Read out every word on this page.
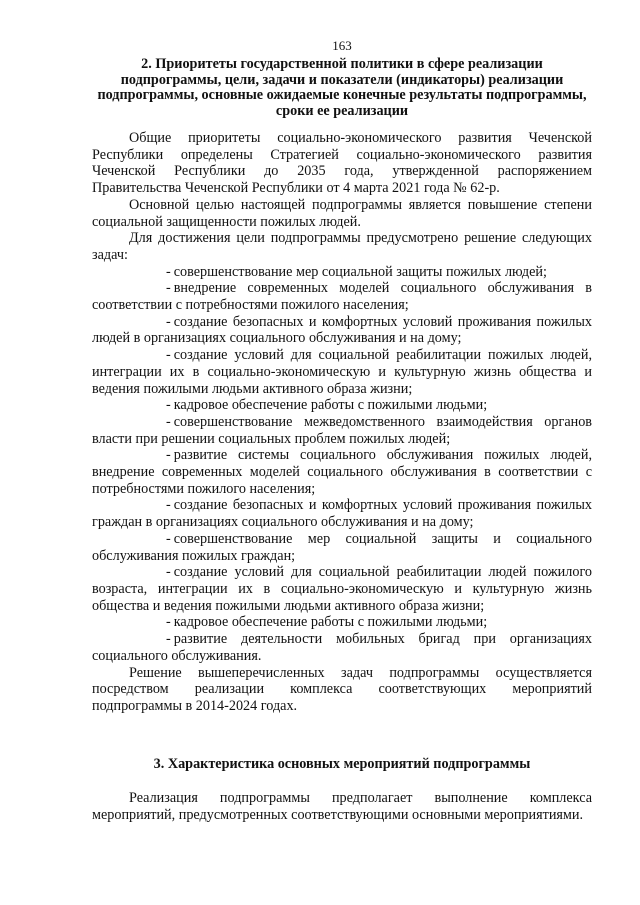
163
2. Приоритеты государственной политики в сфере реализации подпрограммы, цели, задачи и показатели (индикаторы) реализации подпрограммы, основные ожидаемые конечные результаты подпрограммы, сроки ее реализации

Общие приоритеты социально-экономического развития Чеченской Республики определены Стратегией социально-экономического развития Чеченской Республики до 2035 года, утвержденной распоряжением Правительства Чеченской Республики от 4 марта 2021 года № 62-р.

Основной целью настоящей подпрограммы является повышение степени социальной защищенности пожилых людей.

Для достижения цели подпрограммы предусмотрено решение следующих задач:

- совершенствование мер социальной защиты пожилых людей;

- внедрение современных моделей социального обслуживания в соответствии с потребностями пожилого населения;

- создание безопасных и комфортных условий проживания пожилых людей в организациях социального обслуживания и на дому;

- создание условий для социальной реабилитации пожилых людей, интеграции их в социально-экономическую и культурную жизнь общества и ведения пожилыми людьми активного образа жизни;

- кадровое обеспечение работы с пожилыми людьми;

- совершенствование межведомственного взаимодействия органов власти при решении социальных проблем пожилых людей;

- развитие системы социального обслуживания пожилых людей, внедрение современных моделей социального обслуживания в соответствии с потребностями пожилого населения;

- создание безопасных и комфортных условий проживания пожилых граждан в организациях социального обслуживания и на дому;

- совершенствование мер социальной защиты и социального обслуживания пожилых граждан;

- создание условий для социальной реабилитации людей пожилого возраста, интеграции их в социально-экономическую и культурную жизнь общества и ведения пожилыми людьми активного образа жизни;

- кадровое обеспечение работы с пожилыми людьми;

- развитие деятельности мобильных бригад при организациях социального обслуживания.

Решение вышеперечисленных задач подпрограммы осуществляется посредством реализации комплекса соответствующих мероприятий подпрограммы в 2014-2024 годах.

3. Характеристика основных мероприятий подпрограммы

Реализация подпрограммы предполагает выполнение комплекса мероприятий, предусмотренных соответствующими основными мероприятиями.
